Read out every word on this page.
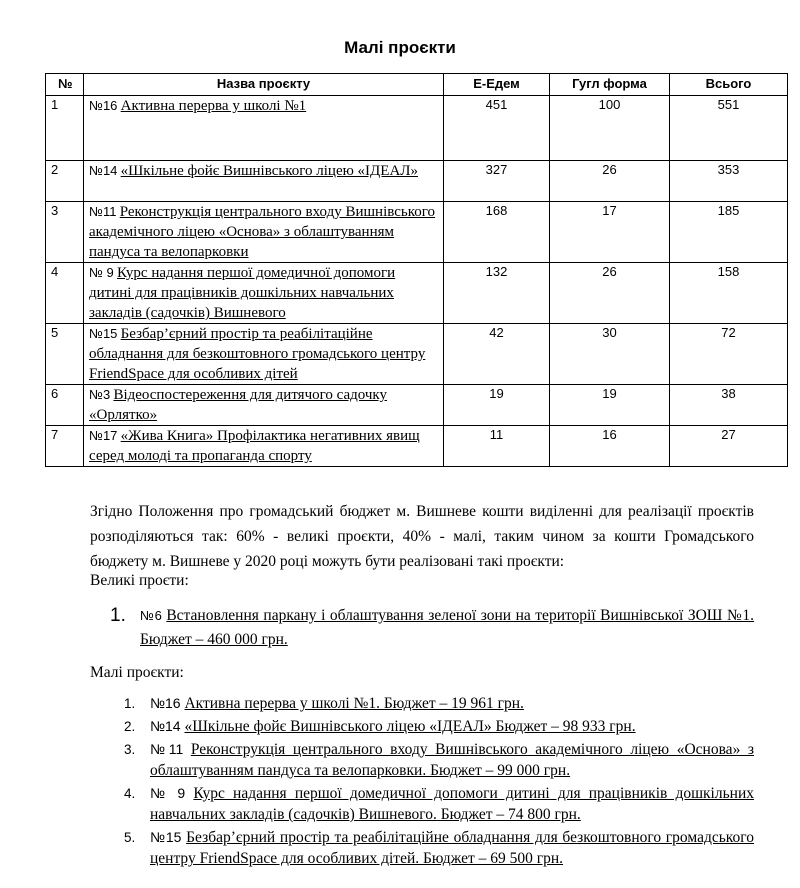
Малі проєкти
№	Назва проєкту	Е-Едем	Гугл форма	Всього
1	№16 Активна перерва у школі №1	451	100	551
2	№14 «Шкільне фойє Вишнівського ліцею «ІДЕАЛ»	327	26	353
3	№11 Реконструкція центрального входу Вишнівського академічного ліцею «Основа» з облаштуванням пандуса та велопарковки	168	17	185
4	№ 9 Курс надання першої домедичної допомоги дитині для працівників дошкільних навчальних закладів (садочків) Вишневого	132	26	158
5	№15 Безбар’єрний простір та реабілітаційне обладнання для безкоштовного громадського центру FriendSpace для особливих дітей	42	30	72
6	№3 Відеоспостереження для дитячого садочку «Орлятко»	19	19	38
7	№17 «Жива Книга» Профілактика негативних явищ серед молоді та пропаганда спорту	11	16	27
Згідно Положення про громадський бюджет м. Вишневе кошти виділенні для реалізації проєктів розподіляються так: 60% - великі проєкти, 40% - малі, таким чином за кошти Громадського бюджету м. Вишневе у 2020 році можуть бути реалізовані такі проєкти:
Великі проєти:
1. №6 Встановлення паркану і облаштування зеленої зони на території Вишнівської ЗОШ №1. Бюджет – 460 000 грн.
Малі проєкти:
1. №16 Активна перерва у школі №1. Бюджет – 19 961 грн.
2. №14 «Шкільне фойє Вишнівського ліцею «ІДЕАЛ» Бюджет – 98 933 грн.
3. №11 Реконструкція центрального входу Вишнівського академічного ліцею «Основа» з облаштуванням пандуса та велопарковки. Бюджет – 99 000 грн.
4. № 9 Курс надання першої домедичної допомоги дитині для працівників дошкільних навчальних закладів (садочків) Вишневого. Бюджет – 74 800 грн.
5. №15 Безбар’єрний простір та реабілітаційне обладнання для безкоштовного громадського центру FriendSpace для особливих дітей. Бюджет – 69 500 грн.
